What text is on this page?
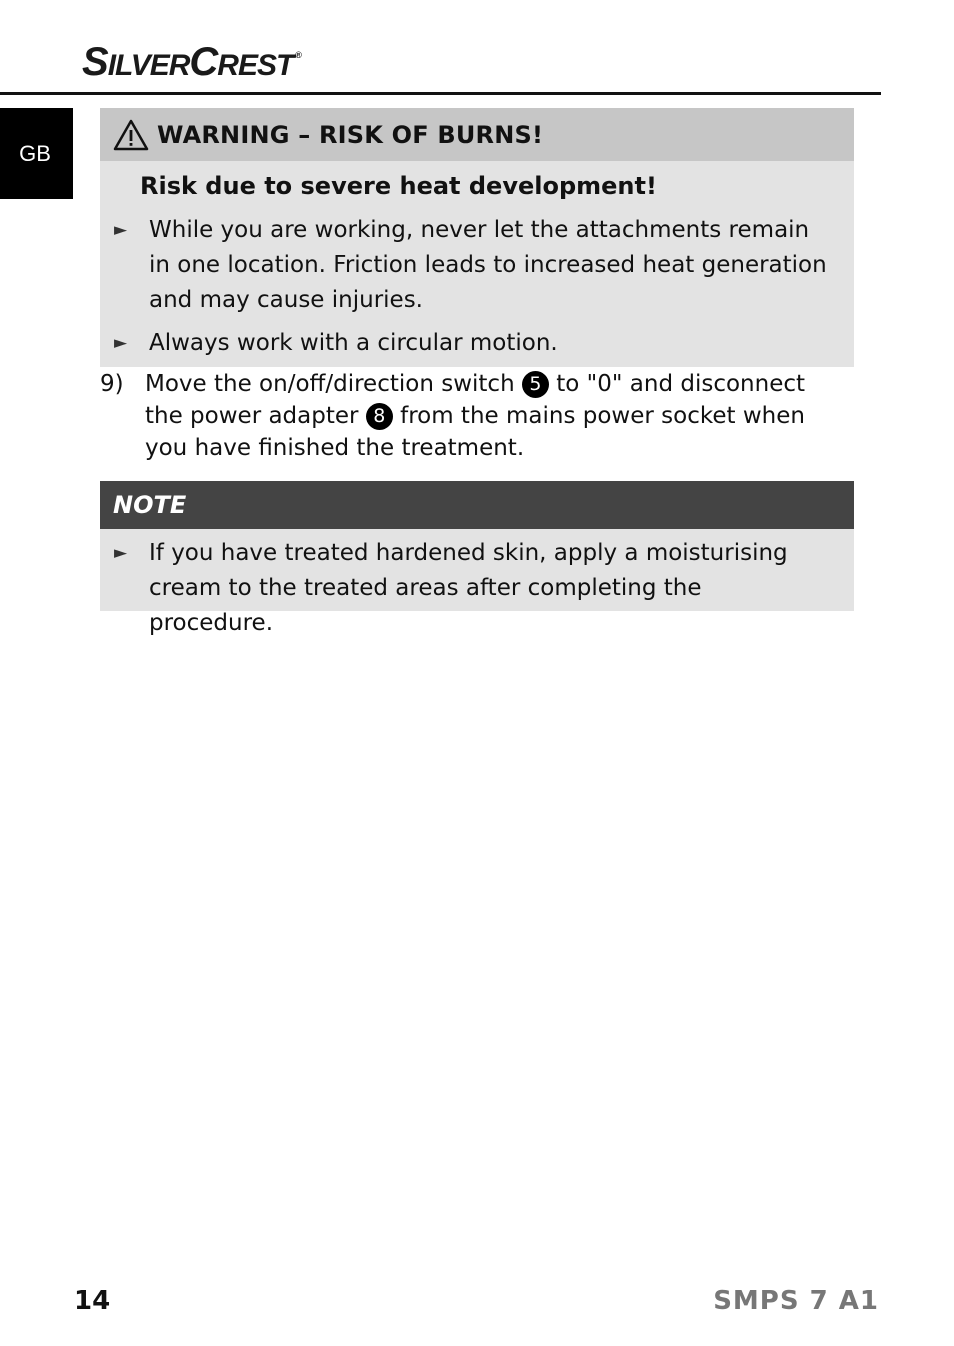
SILVERCREST ®
GB
WARNING – RISK OF BURNS!
Risk due to severe heat development!
► While you are working, never let the attachments remain in one location. Friction leads to increased heat generation and may cause injuries.
► Always work with a circular motion.
9) Move the on/off/direction switch 5 to "0" and disconnect the power adapter 8 from the mains power socket when you have finished the treatment.
NOTE
► If you have treated hardened skin, apply a moisturising cream to the treated areas after completing the procedure.
14	SMPS 7 A1
